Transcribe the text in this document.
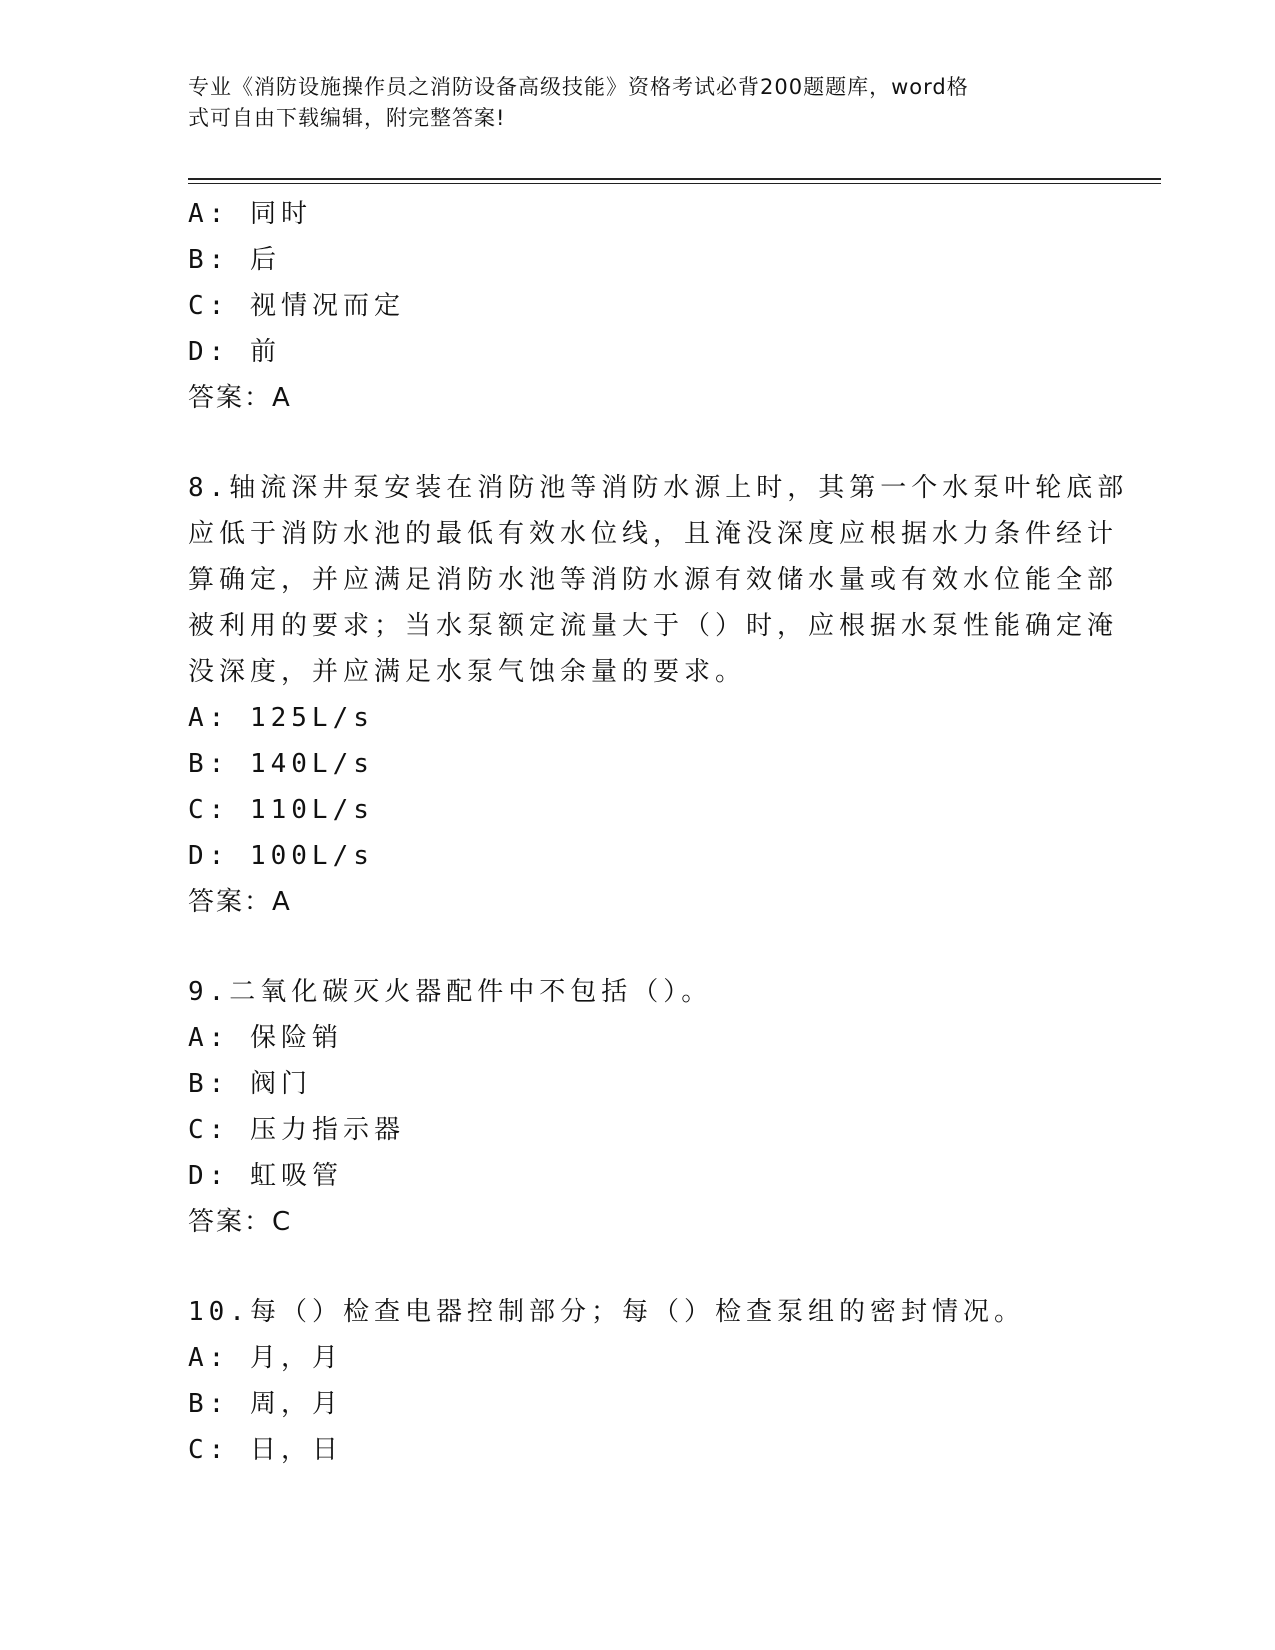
专业《消防设施操作员之消防设备高级技能》资格考试必背200题题库，word格
式可自由下载编辑，附完整答案!
A: 同时
B: 后
C: 视情况而定
D: 前
答案：A
8.轴流深井泵安装在消防池等消防水源上时，其第一个水泵叶轮底部
应低于消防水池的最低有效水位线，且淹没深度应根据水力条件经计
算确定，并应满足消防水池等消防水源有效储水量或有效水位能全部
被利用的要求；当水泵额定流量大于（）时，应根据水泵性能确定淹
没深度，并应满足水泵气蚀余量的要求。
A: 125L/s
B: 140L/s
C: 110L/s
D: 100L/s
答案：A
9.二氧化碳灭火器配件中不包括（）。
A: 保险销
B: 阀门
C: 压力指示器
D: 虹吸管
答案：C
10.每（）检查电器控制部分；每（）检查泵组的密封情况。
A: 月，月
B: 周，月
C: 日，日
